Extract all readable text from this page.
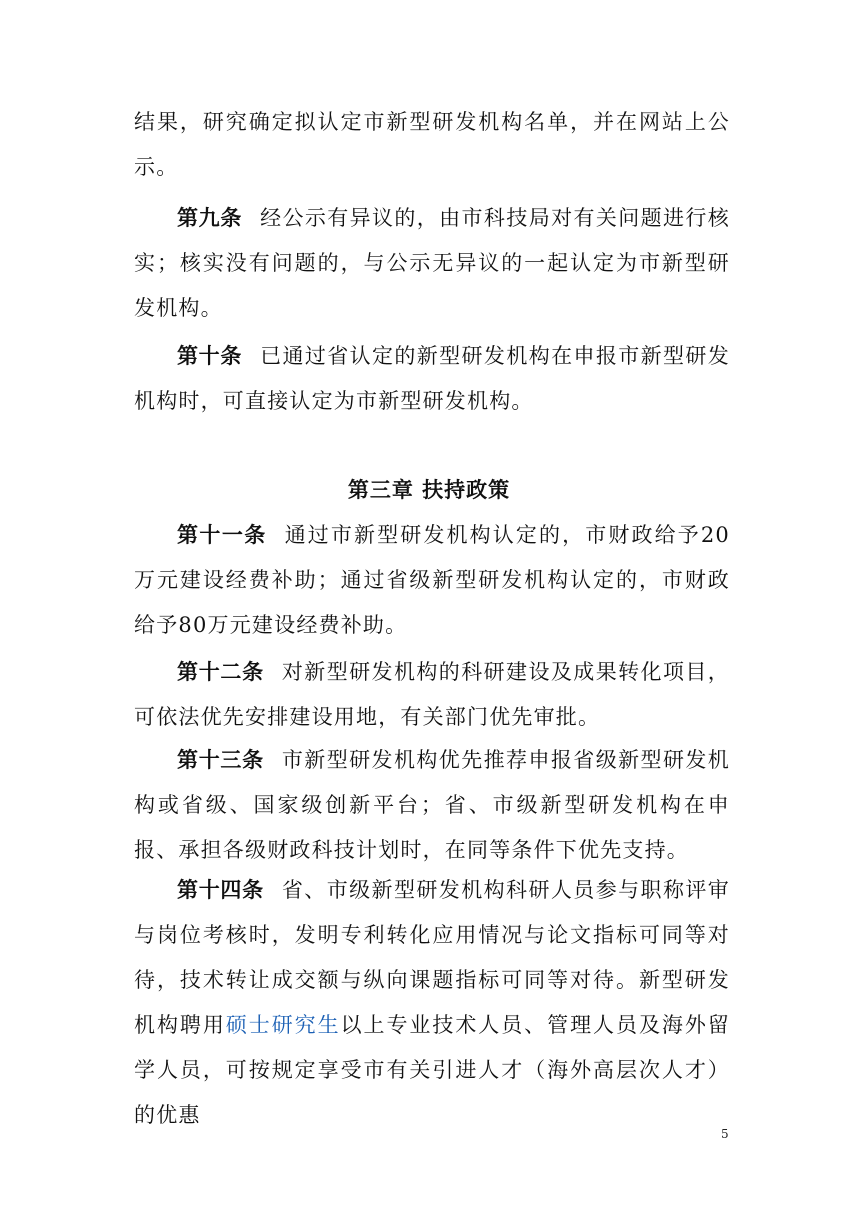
结果，研究确定拟认定市新型研发机构名单，并在网站上公示。

第九条 经公示有异议的，由市科技局对有关问题进行核实；核实没有问题的，与公示无异议的一起认定为市新型研发机构。

第十条 已通过省认定的新型研发机构在申报市新型研发机构时，可直接认定为市新型研发机构。

第三章 扶持政策

第十一条 通过市新型研发机构认定的，市财政给予20万元建设经费补助；通过省级新型研发机构认定的，市财政给予80万元建设经费补助。

第十二条 对新型研发机构的科研建设及成果转化项目，可依法优先安排建设用地，有关部门优先审批。

第十三条 市新型研发机构优先推荐申报省级新型研发机构或省级、国家级创新平台；省、市级新型研发机构在申报、承担各级财政科技计划时，在同等条件下优先支持。

第十四条 省、市级新型研发机构科研人员参与职称评审与岗位考核时，发明专利转化应用情况与论文指标可同等对待，技术转让成交额与纵向课题指标可同等对待。新型研发机构聘用硕士研究生以上专业技术人员、管理人员及海外留学人员，可按规定享受市有关引进人才（海外高层次人才）的优惠

5
